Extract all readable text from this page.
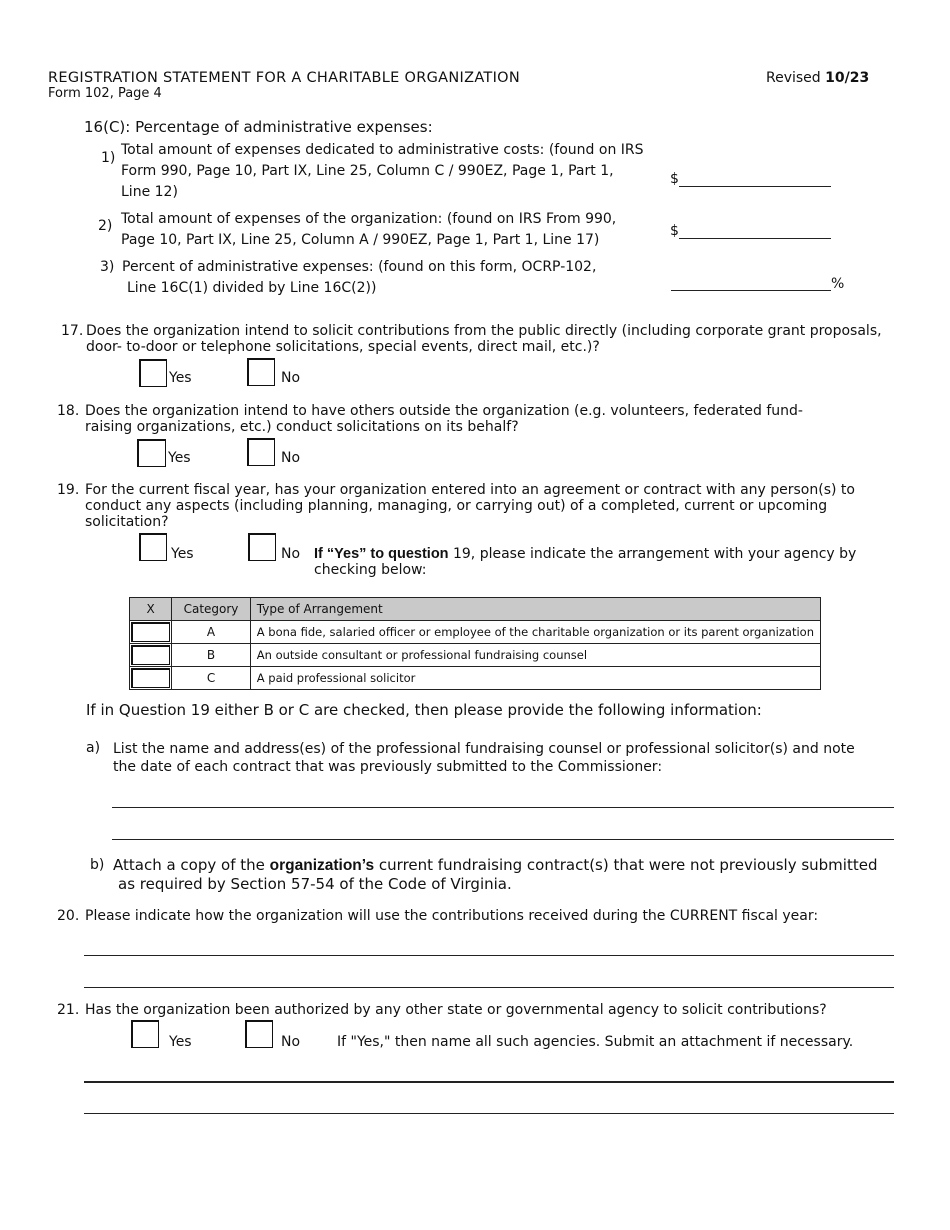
REGISTRATION STATEMENT FOR A CHARITABLE ORGANIZATION
Form 102, Page 4
Revised 10/23
16(C): Percentage of administrative expenses:
1) Total amount of expenses dedicated to administrative costs: (found on IRS
Form 990, Page 10, Part IX, Line 25, Column C / 990EZ, Page 1, Part 1,
Line 12)
$
2) Total amount of expenses of the organization: (found on IRS From 990,
Page 10, Part IX, Line 25, Column A / 990EZ, Page 1, Part 1, Line 17)
$
3) Percent of administrative expenses: (found on this form, OCRP-102,
Line 16C(1) divided by Line 16C(2))	%
17. Does the organization intend to solicit contributions from the public directly (including corporate grant proposals,
door- to-door or telephone solicitations, special events, direct mail, etc.)?
Yes	No
18. Does the organization intend to have others outside the organization (e.g. volunteers, federated fund-
raising organizations, etc.) conduct solicitations on its behalf?
Yes	No
19. For the current fiscal year, has your organization entered into an agreement or contract with any person(s) to
conduct any aspects (including planning, managing, or carrying out) of a completed, current or upcoming
solicitation?
Yes	No If “Yes” to question 19, please indicate the arrangement with your agency by
checking below:
X	Category	Type of Arrangement

	A	A bona fide, salaried officer or employee of the charitable organization or its parent organization

	B	An outside consultant or professional fundraising counsel

	C	A paid professional solicitor
If in Question 19 either B or C are checked, then please provide the following information:
a) List the name and address(es) of the professional fundraising counsel or professional solicitor(s) and note
the date of each contract that was previously submitted to the Commissioner:
b) Attach a copy of the organization’s current fundraising contract(s) that were not previously submitted
as required by Section 57-54 of the Code of Virginia.
20. Please indicate how the organization will use the contributions received during the CURRENT fiscal year:
21. Has the organization been authorized by any other state or governmental agency to solicit contributions?
Yes	No	If "Yes," then name all such agencies. Submit an attachment if necessary.
